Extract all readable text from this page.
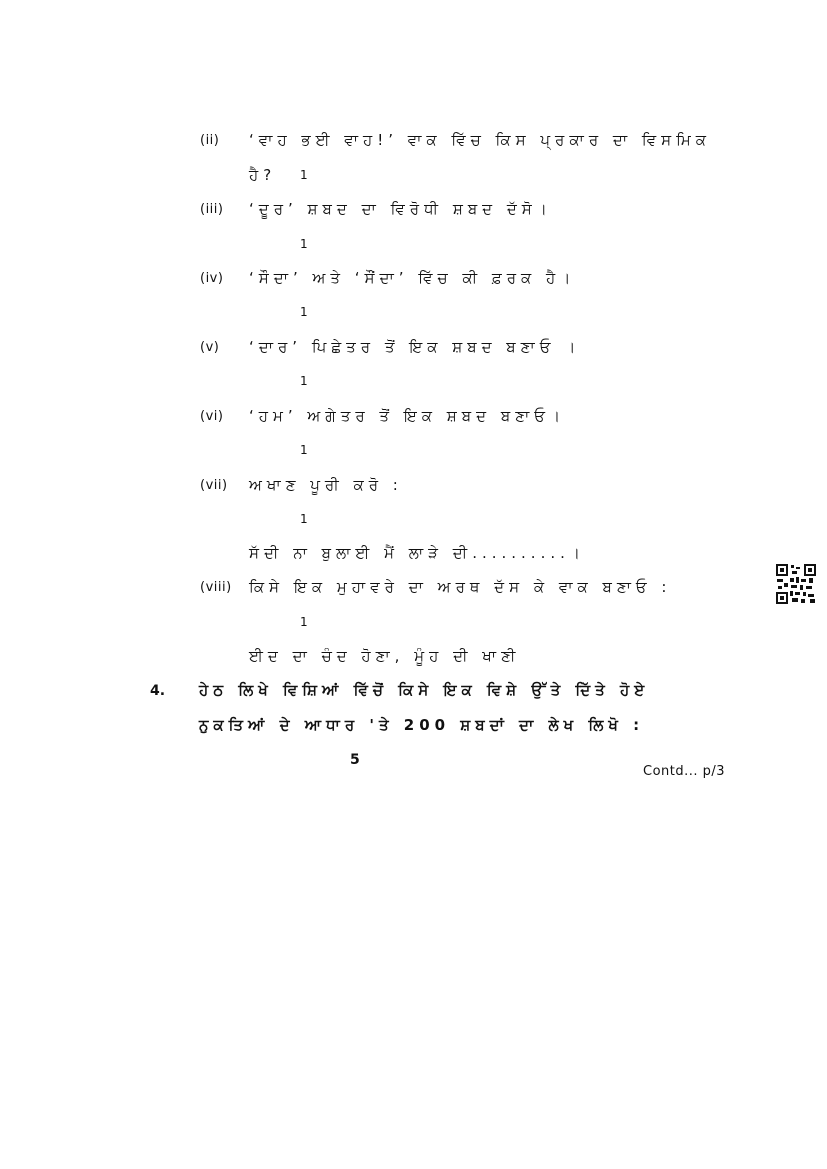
(ii) ‘ਵਾਹ ਭਈ ਵਾਹ!’ ਵਾਕ ਵਿੱਚ ਕਿਸ ਪ੍ਰਕਾਰ ਦਾ ਵਿਸਮਿਕ
ਹੈ? 1
(iii) ‘ਦੂਰ’ ਸ਼ਬਦ ਦਾ ਵਿਰੋਧੀ ਸ਼ਬਦ ਦੱਸੋ।
1
(iv) ‘ਸੌਦਾ’ ਅਤੇ ‘ਸੌਂਦਾ’ ਵਿੱਚ ਕੀ ਫ਼ਰਕ ਹੈ।
1
(v) ‘ਦਾਰ’ ਪਿਛੇਤਰ ਤੋਂ ਇਕ ਸ਼ਬਦ ਬਣਾਓ ।
1
(vi) ‘ਹਮ’ ਅਗੇਤਰ ਤੋਂ ਇਕ ਸ਼ਬਦ ਬਣਾਓ।
1
(vii) ਅਖਾਣ ਪੂਰੀ ਕਰੋ :
1
ਸੱਦੀ ਨਾ ਬੁਲਾਈ ਮੈਂ ਲਾੜੇ ਦੀ..........।
(viii) ਕਿਸੇ ਇਕ ਮੁਹਾਵਰੇ ਦਾ ਅਰਥ ਦੱਸ ਕੇ ਵਾਕ ਬਣਾਓ :
1
ਈਦ ਦਾ ਚੰਦ ਹੋਣਾ, ਮੂੰਹ ਦੀ ਖਾਣੀ
4. ਹੇਠ ਲਿਖੇ ਵਿਸ਼ਿਆਂ ਵਿੱਚੋਂ ਕਿਸੇ ਇਕ ਵਿਸ਼ੇ ਉੱਤੇ ਦਿੱਤੇ ਹੋਏ
ਨੁਕਤਿਆਂ ਦੇ ਆਧਾਰ 'ਤੇ 200 ਸ਼ਬਦਾਂ ਦਾ ਲੇਖ ਲਿਖੋ :
5
Contd... p/3
